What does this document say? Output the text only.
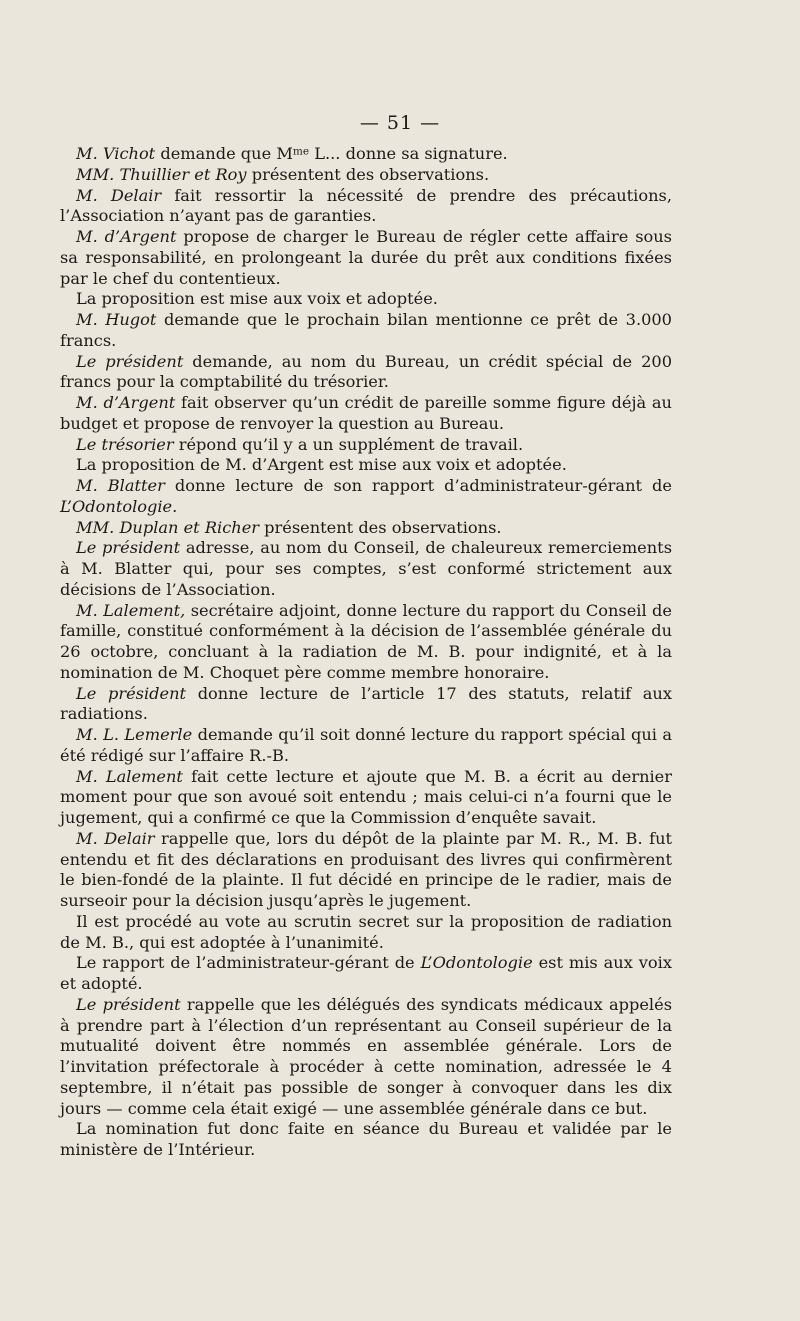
— 51 —

M. Vichot demande que $M^{me}$ L... donne sa signature.

MM. Thuillier et Roy présentent des observations.

M. Delair fait ressortir la nécessité de prendre des précautions, l’Association n’ayant pas de garanties.

M. d’Argent propose de charger le Bureau de régler cette affaire sous sa responsabilité, en prolongeant la durée du prêt aux conditions fixées par le chef du contentieux.

La proposition est mise aux voix et adoptée.

M. Hugot demande que le prochain bilan mentionne ce prêt de 3.000 francs.

Le président demande, au nom du Bureau, un crédit spécial de 200 francs pour la comptabilité du trésorier.

M. d’Argent fait observer qu’un crédit de pareille somme figure déjà au budget et propose de renvoyer la question au Bureau.

Le trésorier répond qu’il y a un supplément de travail.

La proposition de M. d’Argent est mise aux voix et adoptée.

M. Blatter donne lecture de son rapport d’administrateur-gérant de L’Odontologie.

MM. Duplan et Richer présentent des observations.

Le président adresse, au nom du Conseil, de chaleureux remerciements à M. Blatter qui, pour ses comptes, s’est conformé strictement aux décisions de l’Association.

M. Lalement, secrétaire adjoint, donne lecture du rapport du Conseil de famille, constitué conformément à la décision de l’assemblée générale du 26 octobre, concluant à la radiation de M. B. pour indignité, et à la nomination de M. Choquet père comme membre honoraire.

Le président donne lecture de l’article 17 des statuts, relatif aux radiations.

M. L. Lemerle demande qu’il soit donné lecture du rapport spécial qui a été rédigé sur l’affaire R.-B.

M. Lalement fait cette lecture et ajoute que M. B. a écrit au dernier moment pour que son avoué soit entendu ; mais celui-ci n’a fourni que le jugement, qui a confirmé ce que la Commission d’enquête savait.

M. Delair rappelle que, lors du dépôt de la plainte par M. R., M. B. fut entendu et fit des déclarations en produisant des livres qui confirmèrent le bien-fondé de la plainte. Il fut décidé en principe de le radier, mais de surseoir pour la décision jusqu’après le jugement.

Il est procédé au vote au scrutin secret sur la proposition de radiation de M. B., qui est adoptée à l’unanimité.

Le rapport de l’administrateur-gérant de L’Odontologie est mis aux voix et adopté.

Le président rappelle que les délégués des syndicats médicaux appelés à prendre part à l’élection d’un représentant au Conseil supérieur de la mutualité doivent être nommés en assemblée générale. Lors de l’invitation préfectorale à procéder à cette nomination, adressée le 4 septembre, il n’était pas possible de songer à convoquer dans les dix jours — comme cela était exigé — une assemblée générale dans ce but.

La nomination fut donc faite en séance du Bureau et validée par le ministère de l’Intérieur.
